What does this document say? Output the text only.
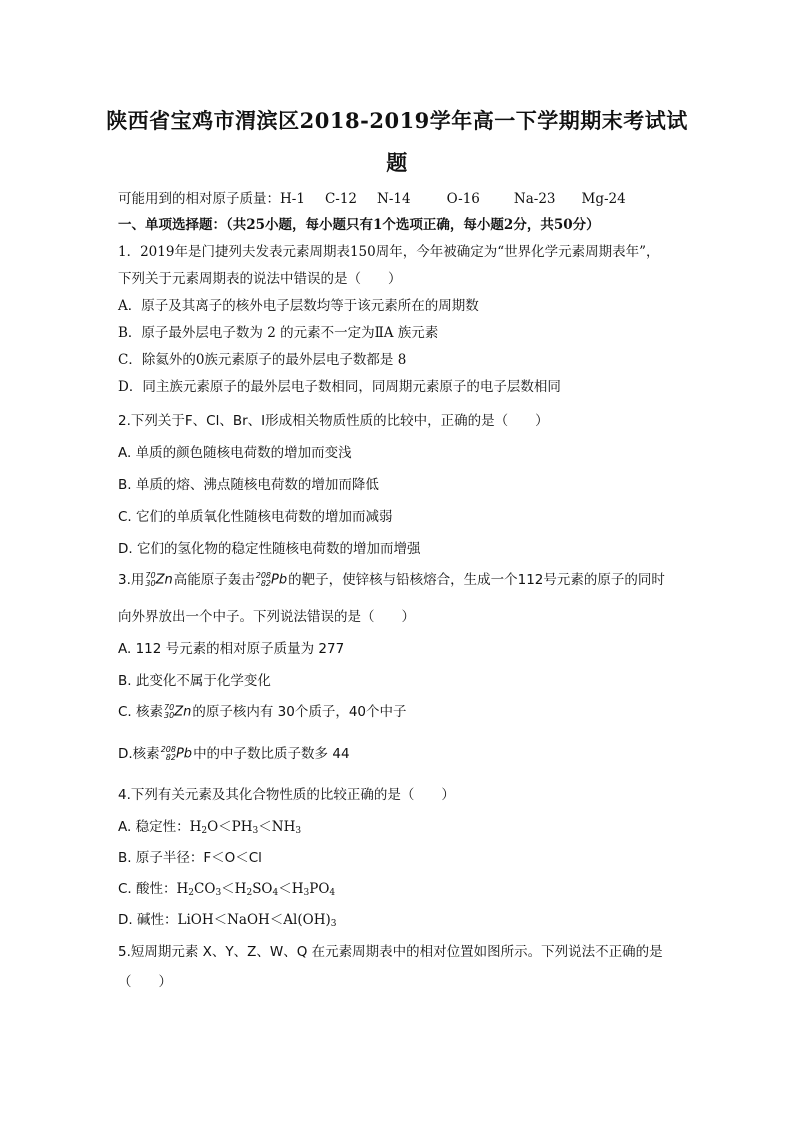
陕西省宝鸡市渭滨区2018-2019学年高一下学期期末考试试
题
可能用到的相对原子质量：H-1 C-12 N-14	O-16	Na-23 Mg-24
一、单项选择题：（共25小题，每小题只有1个选项正确，每小题2分，共50分）
1．2019年是门捷列夫发表元素周期表150周年，今年被确定为“世界化学元素周期表年”，
下列关于元素周期表的说法中错误的是（　　）
A．原子及其离子的核外电子层数均等于该元素所在的周期数
B．原子最外层电子数为 2 的元素不一定为ⅡA 族元素
C．除氦外的0族元素原子的最外层电子数都是 8
D．同主族元素原子的最外层电子数相同，同周期元素原子的电子层数相同
2.下列关于F、Cl、Br、I形成相关物质性质的比较中，正确的是（　　）
A. 单质的颜色随核电荷数的增加而变浅
B. 单质的熔、沸点随核电荷数的增加而降低
C. 它们的单质氧化性随核电荷数的增加而减弱
D. 它们的氢化物的稳定性随核电荷数的增加而增强
3.用70
30Zn高能原子轰击208
82Pb的靶子，使锌核与铅核熔合，生成一个112号元素的原子的同时
向外界放出一个中子。下列说法错误的是（　　）
A. 112 号元素的相对原子质量为 277
B. 此变化不属于化学变化
C. 核素70
30Zn的原子核内有 30个质子，40个中子
D.核素208
82Pb中的中子数比质子数多 44
4.下列有关元素及其化合物性质的比较正确的是（　　）
A. 稳定性：$H_2O<PH_3<NH_3$
B. 原子半径：F＜O＜Cl
C. 酸性：$H_2CO_3<H_2SO_4<H_3PO_4$
D. 碱性：$LiOH<NaOH<Al(OH)_3$
5.短周期元素 X、Y、Z、W、Q 在元素周期表中的相对位置如图所示。下列说法不正确的是
（　　）
